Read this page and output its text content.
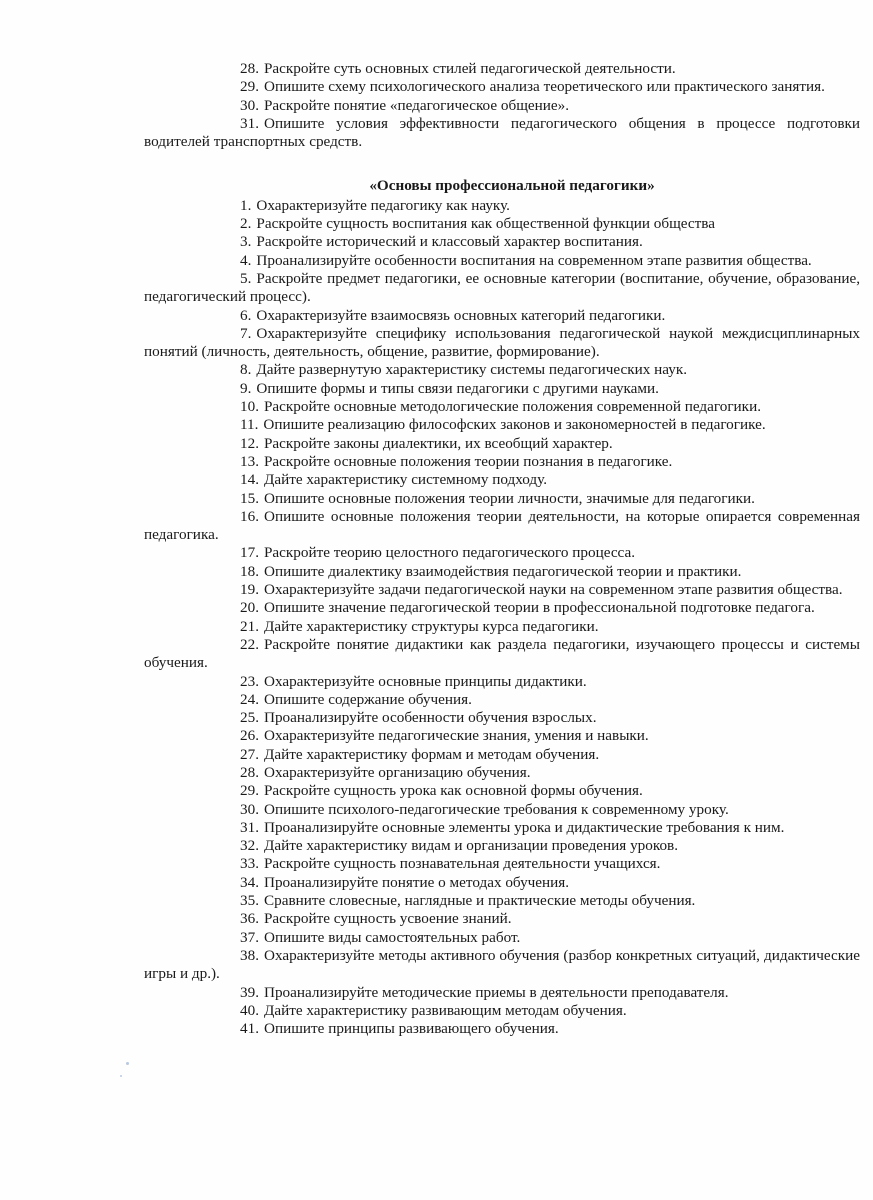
28. Раскройте суть основных стилей педагогической деятельности.
29. Опишите схему психологического анализа теоретического или практического занятия.
30. Раскройте понятие «педагогическое общение».
31. Опишите условия эффективности педагогического общения в процессе подготовки водителей транспортных средств.
«Основы профессиональной педагогики»
1. Охарактеризуйте педагогику как науку.
2. Раскройте сущность воспитания как общественной функции общества
3. Раскройте исторический и классовый характер воспитания.
4. Проанализируйте особенности воспитания на современном этапе развития общества.
5. Раскройте предмет педагогики, ее основные категории (воспитание, обучение, образование, педагогический процесс).
6. Охарактеризуйте взаимосвязь основных категорий педагогики.
7. Охарактеризуйте специфику использования педагогической наукой междисциплинарных понятий (личность, деятельность, общение, развитие, формирование).
8. Дайте развернутую характеристику системы педагогических наук.
9. Опишите формы и типы связи педагогики с другими науками.
10. Раскройте основные методологические положения современной педагогики.
11. Опишите реализацию философских законов и закономерностей в педагогике.
12. Раскройте законы диалектики, их всеобщий характер.
13. Раскройте основные положения теории познания в педагогике.
14. Дайте характеристику системному подходу.
15. Опишите основные положения теории личности, значимые для педагогики.
16. Опишите основные положения теории деятельности, на которые опирается современная педагогика.
17. Раскройте теорию целостного педагогического процесса.
18. Опишите диалектику взаимодействия педагогической теории и практики.
19. Охарактеризуйте задачи педагогической науки на современном этапе развития общества.
20. Опишите значение педагогической теории в профессиональной подготовке педагога.
21. Дайте характеристику структуры курса педагогики.
22. Раскройте понятие дидактики как раздела педагогики, изучающего процессы и системы обучения.
23. Охарактеризуйте основные принципы дидактики.
24. Опишите содержание обучения.
25. Проанализируйте особенности обучения взрослых.
26. Охарактеризуйте педагогические знания, умения и навыки.
27. Дайте характеристику формам и методам обучения.
28. Охарактеризуйте организацию обучения.
29. Раскройте сущность урока как основной формы обучения.
30. Опишите психолого-педагогические требования к современному уроку.
31. Проанализируйте основные элементы урока и дидактические требования к ним.
32. Дайте характеристику видам и организации проведения уроков.
33. Раскройте сущность познавательная деятельности учащихся.
34. Проанализируйте понятие о методах обучения.
35. Сравните словесные, наглядные и практические методы обучения.
36. Раскройте сущность усвоение знаний.
37. Опишите виды самостоятельных работ.
38. Охарактеризуйте методы активного обучения (разбор конкретных ситуаций, дидактические игры и др.).
39. Проанализируйте методические приемы в деятельности преподавателя.
40. Дайте характеристику развивающим методам обучения.
41. Опишите принципы развивающего обучения.
